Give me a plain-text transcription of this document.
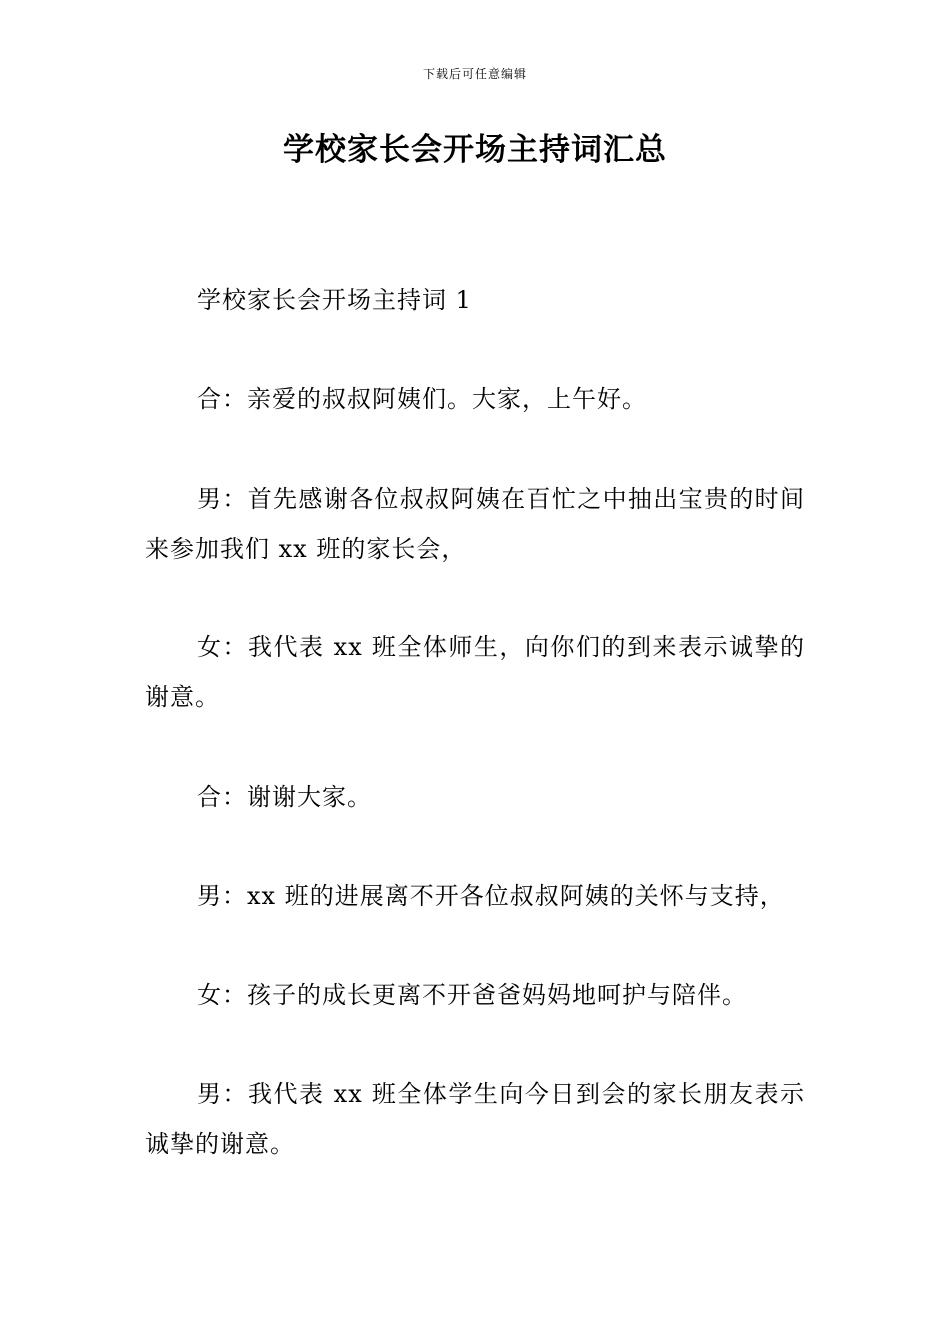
下载后可任意编辑
学校家长会开场主持词汇总

学校家长会开场主持词 1

合：亲爱的叔叔阿姨们。大家，上午好。

男：首先感谢各位叔叔阿姨在百忙之中抽出宝贵的时间来参加我们 xx 班的家长会，

女：我代表 xx 班全体师生，向你们的到来表示诚挚的谢意。

合：谢谢大家。

男：xx 班的进展离不开各位叔叔阿姨的关怀与支持，

女：孩子的成长更离不开爸爸妈妈地呵护与陪伴。

男：我代表 xx 班全体学生向今日到会的家长朋友表示诚挚的谢意。
